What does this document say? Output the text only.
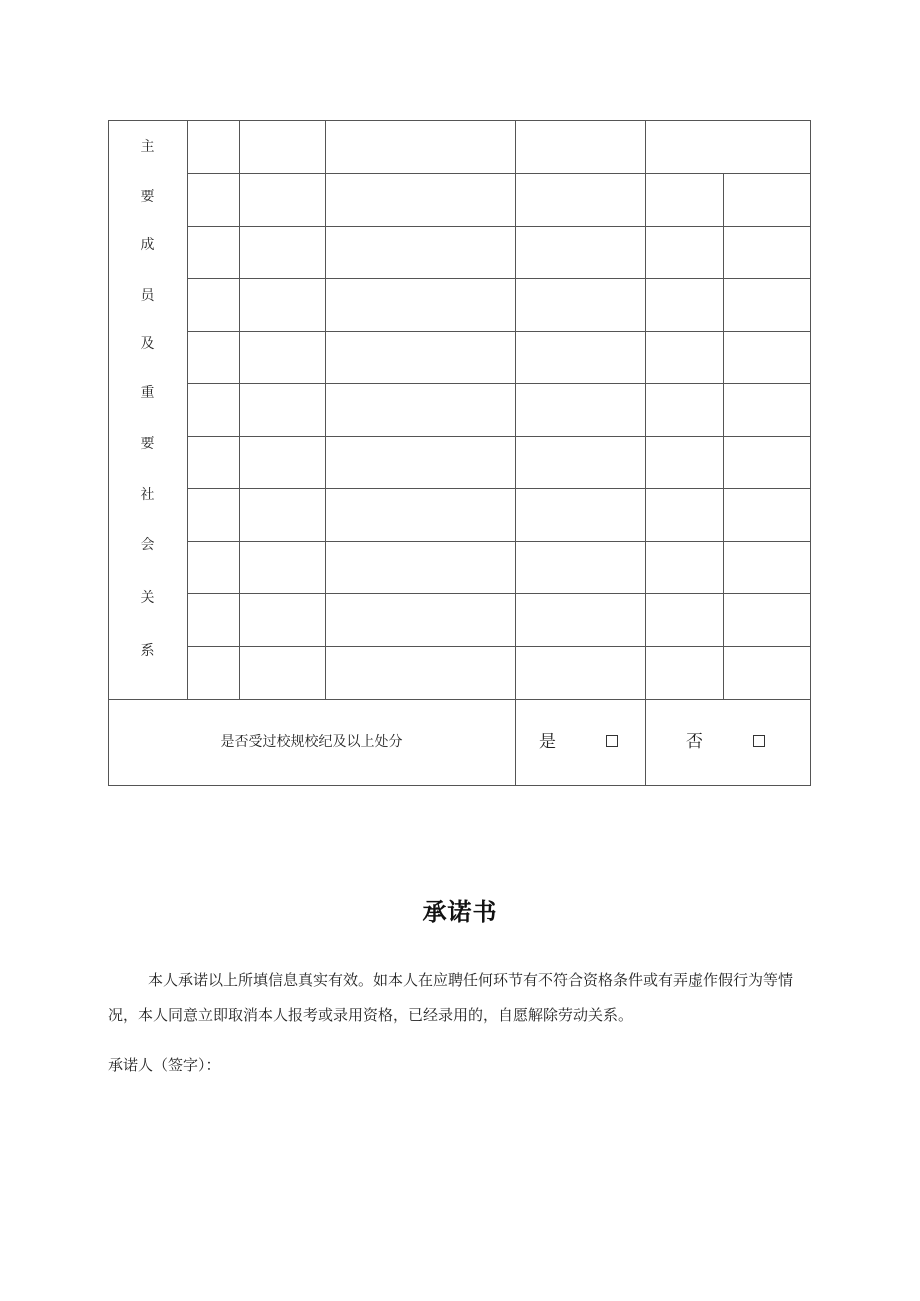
主
要
成
员
及
重
要
社
会
关
系
是否受过校规校纪及以上处分	是	否
承诺书
本人承诺以上所填信息真实有效。如本人在应聘任何环节有不符合资格条件或有弄虚作假行为等情况，本人同意立即取消本人报考或录用资格，已经录用的，自愿解除劳动关系。
承诺人（签字）：
